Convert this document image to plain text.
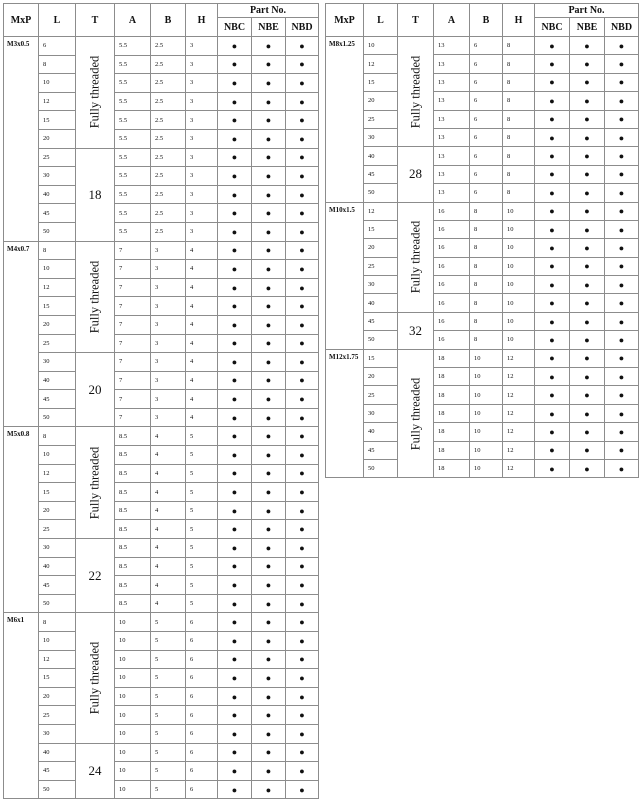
MxP	L	T	A	B	H	Part No.		
						NBC	NBE	NBD
M3x0.5	6	Fully threaded	5.5	2.5	3	●	●	●
	8		5.5	2.5	3	●	●	●
	10		5.5	2.5	3	●	●	●
	12		5.5	2.5	3	●	●	●
	15		5.5	2.5	3	●	●	●
	20		5.5	2.5	3	●	●	●
	25	18	5.5	2.5	3	●	●	●
	30		5.5	2.5	3	●	●	●
	40		5.5	2.5	3	●	●	●
	45		5.5	2.5	3	●	●	●
	50		5.5	2.5	3	●	●	●
M4x0.7	8	Fully threaded	7	3	4	●	●	●
	10		7	3	4	●	●	●
	12		7	3	4	●	●	●
	15		7	3	4	●	●	●
	20		7	3	4	●	●	●
	25		7	3	4	●	●	●
	30	20	7	3	4	●	●	●
	40		7	3	4	●	●	●
	45		7	3	4	●	●	●
	50		7	3	4	●	●	●
M5x0.8	8	Fully threaded	8.5	4	5	●	●	●
	10		8.5	4	5	●	●	●
	12		8.5	4	5	●	●	●
	15		8.5	4	5	●	●	●
	20		8.5	4	5	●	●	●
	25		8.5	4	5	●	●	●
	30	22	8.5	4	5	●	●	●
	40		8.5	4	5	●	●	●
	45		8.5	4	5	●	●	●
	50		8.5	4	5	●	●	●
M6x1	8	Fully threaded	10	5	6	●	●	●
	10		10	5	6	●	●	●
	12		10	5	6	●	●	●
	15		10	5	6	●	●	●
	20		10	5	6	●	●	●
	25		10	5	6	●	●	●
	30		10	5	6	●	●	●
	40	24	10	5	6	●	●	●
	45		10	5	6	●	●	●
	50		10	5	6	●	●	●
MxP	L	T	A	B	H	Part No.		
						NBC	NBE	NBD
M8x1.25	10	Fully threaded	13	6	8	●	●	●
	12		13	6	8	●	●	●
	15		13	6	8	●	●	●
	20		13	6	8	●	●	●
	25		13	6	8	●	●	●
	30		13	6	8	●	●	●
	40	28	13	6	8	●	●	●
	45		13	6	8	●	●	●
	50		13	6	8	●	●	●
M10x1.5	12	Fully threaded	16	8	10	●	●	●
	15		16	8	10	●	●	●
	20		16	8	10	●	●	●
	25		16	8	10	●	●	●
	30		16	8	10	●	●	●
	40		16	8	10	●	●	●
	45	32	16	8	10	●	●	●
	50		16	8	10	●	●	●
M12x1.75	15	Fully threaded	18	10	12	●	●	●
	20		18	10	12	●	●	●
	25		18	10	12	●	●	●
	30		18	10	12	●	●	●
	40		18	10	12	●	●	●
	45		18	10	12	●	●	●
	50		18	10	12	●	●	●
